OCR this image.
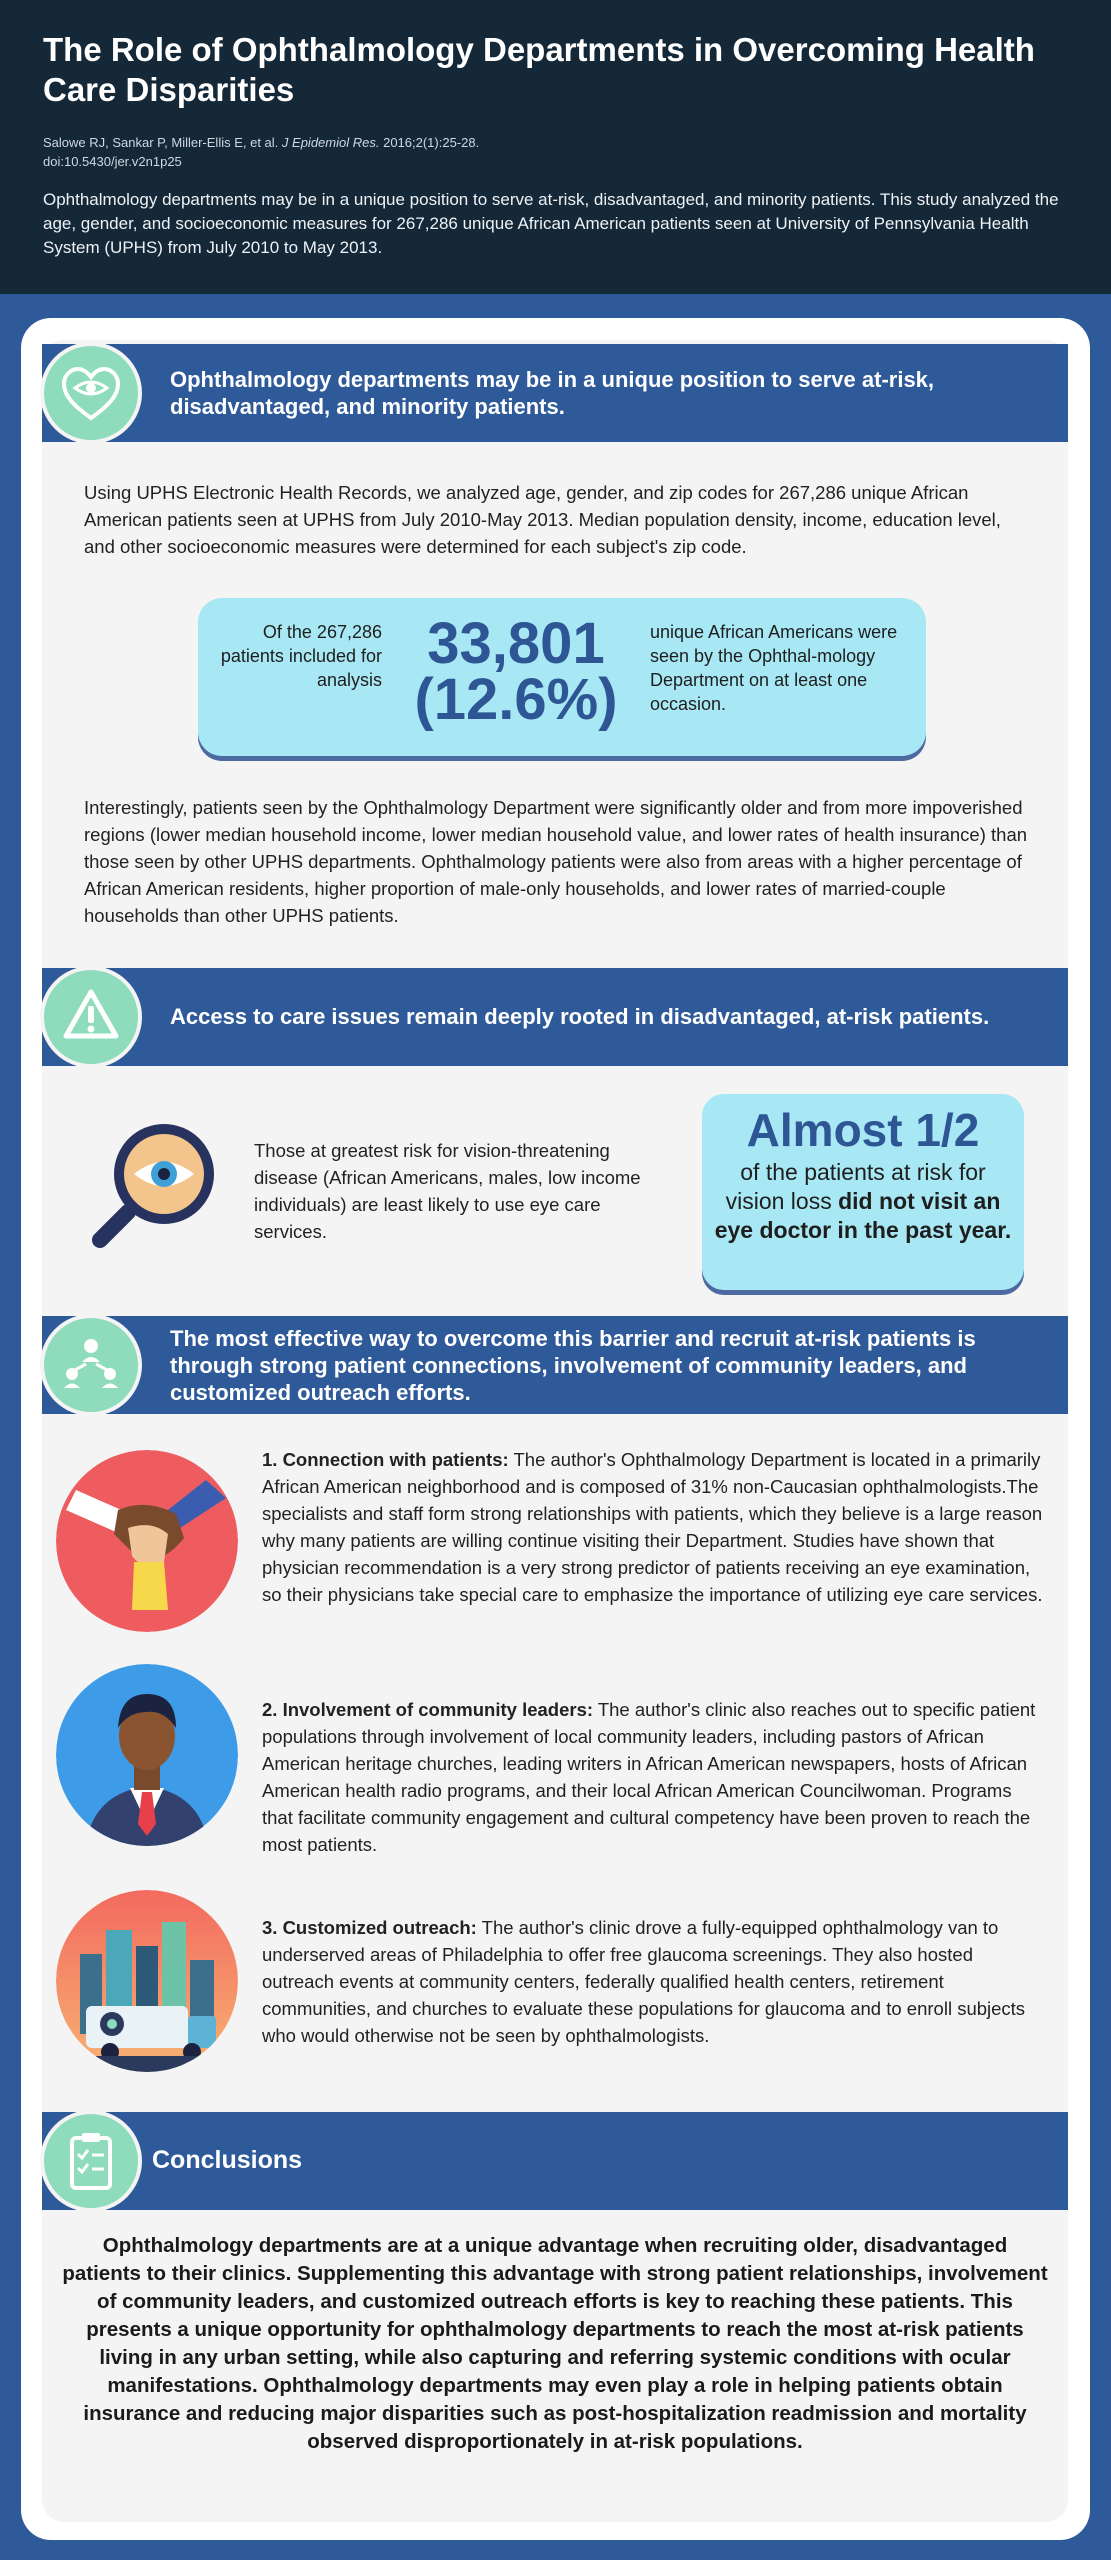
The Role of Ophthalmology Departments in Overcoming Health Care Disparities
Salowe RJ, Sankar P, Miller-Ellis E, et al. J Epidemiol Res. 2016;2(1):25-28.
doi:10.5430/jer.v2n1p25
Ophthalmology departments may be in a unique position to serve at-risk, disadvantaged, and minority patients. This study analyzed the age, gender, and socioeconomic measures for 267,286 unique African American patients seen at University of Pennsylvania Health System (UPHS) from July 2010 to May 2013.
Ophthalmology departments may be in a unique position to serve at-risk, disadvantaged, and minority patients.
Using UPHS Electronic Health Records, we analyzed age, gender, and zip codes for 267,286 unique African American patients seen at UPHS from July 2010-May 2013. Median population density, income, education level, and other socioeconomic measures were determined for each subject's zip code.
Of the 267,286 patients included for analysis
33,801
(12.6%)
unique African Americans were seen by the Ophthal-mology Department on at least one occasion.
Interestingly, patients seen by the Ophthalmology Department were significantly older and from more impoverished regions (lower median household income, lower median household value, and lower rates of health insurance) than those seen by other UPHS departments. Ophthalmology patients were also from areas with a higher percentage of African American residents, higher proportion of male-only households, and lower rates of married-couple households than other UPHS patients.
Access to care issues remain deeply rooted in disadvantaged, at-risk patients.
Those at greatest risk for vision-threatening disease (African Americans, males, low income individuals) are least likely to use eye care services.
Almost 1/2
of the patients at risk for vision loss did not visit an eye doctor in the past year.
The most effective way to overcome this barrier and recruit at-risk patients is through strong patient connections, involvement of community leaders, and customized outreach efforts.
1. Connection with patients: The author's Ophthalmology Department is located in a primarily African American neighborhood and is composed of 31% non-Caucasian ophthalmologists.The specialists and staff form strong relationships with patients, which they believe is a large reason why many patients are willing continue visiting their Department. Studies have shown that physician recommendation is a very strong predictor of patients receiving an eye examination, so their physicians take special care to emphasize the importance of utilizing eye care services.
2. Involvement of community leaders: The author's clinic also reaches out to specific patient populations through involvement of local community leaders, including pastors of African American heritage churches, leading writers in African American newspapers, hosts of African American health radio programs, and their local African American Councilwoman. Programs that facilitate community engagement and cultural competency have been proven to reach the most patients.
3. Customized outreach: The author's clinic drove a fully-equipped ophthalmology van to underserved areas of Philadelphia to offer free glaucoma screenings. They also hosted outreach events at community centers, federally qualified health centers, retirement communities, and churches to evaluate these populations for glaucoma and to enroll subjects who would otherwise not be seen by ophthalmologists.
Conclusions
Ophthalmology departments are at a unique advantage when recruiting older, disadvantaged patients to their clinics. Supplementing this advantage with strong patient relationships, involvement of community leaders, and customized outreach efforts is key to reaching these patients. This presents a unique opportunity for ophthalmology departments to reach the most at-risk patients living in any urban setting, while also capturing and referring systemic conditions with ocular manifestations. Ophthalmology departments may even play a role in helping patients obtain insurance and reducing major disparities such as post-hospitalization readmission and mortality observed disproportionately in at-risk populations.
